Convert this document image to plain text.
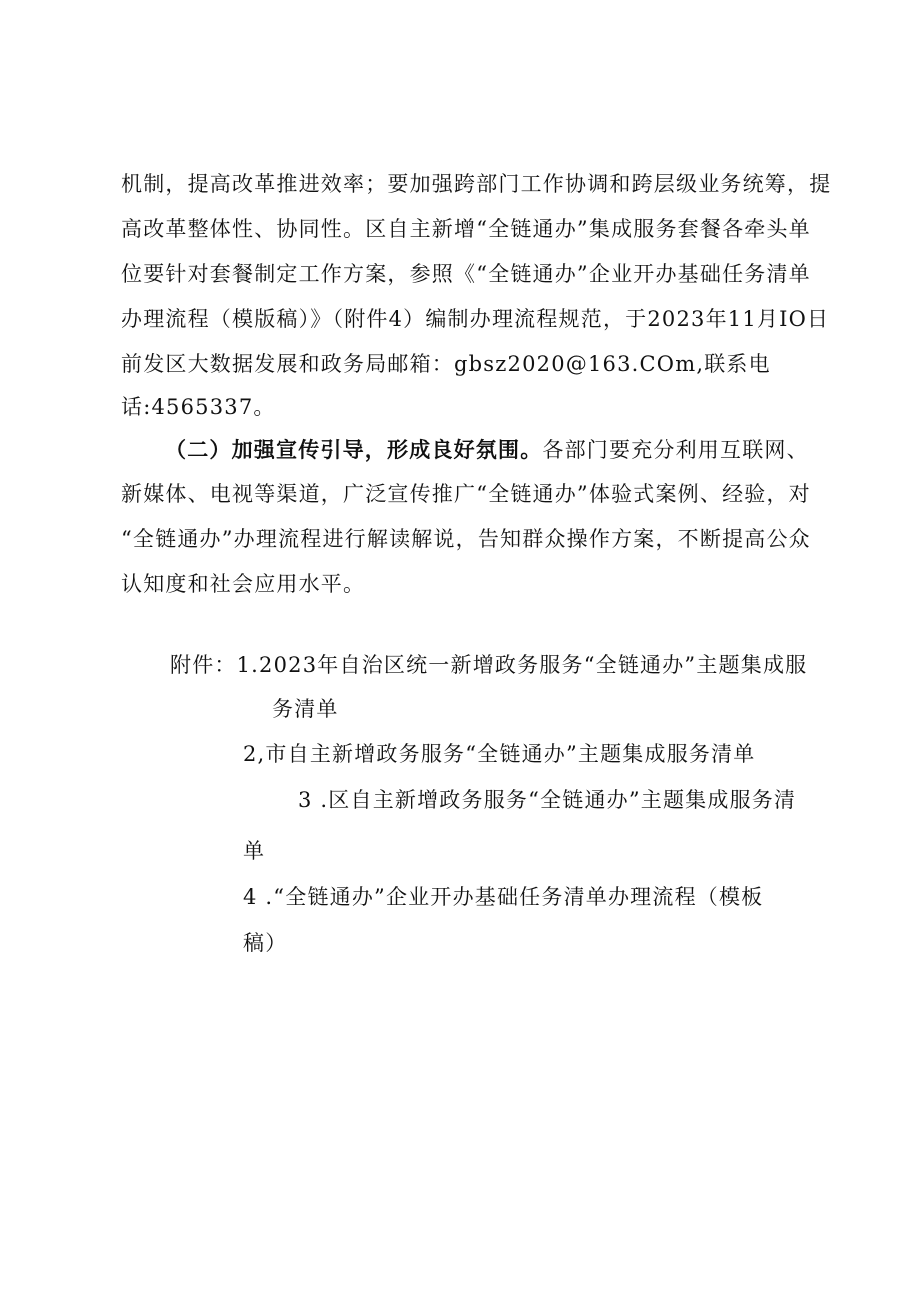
机制，提高改革推进效率；要加强跨部门工作协调和跨层级业务统筹，提
高改革整体性、协同性。区自主新增“全链通办”集成服务套餐各牵头单
位要针对套餐制定工作方案，参照《“全链通办”企业开办基础任务清单
办理流程（模版稿）》（附件4）编制办理流程规范，于2023年11月IO日
前发区大数据发展和政务局邮箱：gbsz2020@163.COm,联系电
话:4565337。
（二）加强宣传引导，形成良好氛围。各部门要充分利用互联网、
新媒体、电视等渠道，广泛宣传推广“全链通办”体验式案例、经验，对
“全链通办”办理流程进行解读解说，告知群众操作方案，不断提高公众
认知度和社会应用水平。
附件：1.2023年自治区统一新增政务服务“全链通办”主题集成服
务清单
2,市自主新增政务服务“全链通办”主题集成服务清单
3 .区自主新增政务服务“全链通办”主题集成服务清
单
4 .“全链通办”企业开办基础任务清单办理流程（模板
稿）
